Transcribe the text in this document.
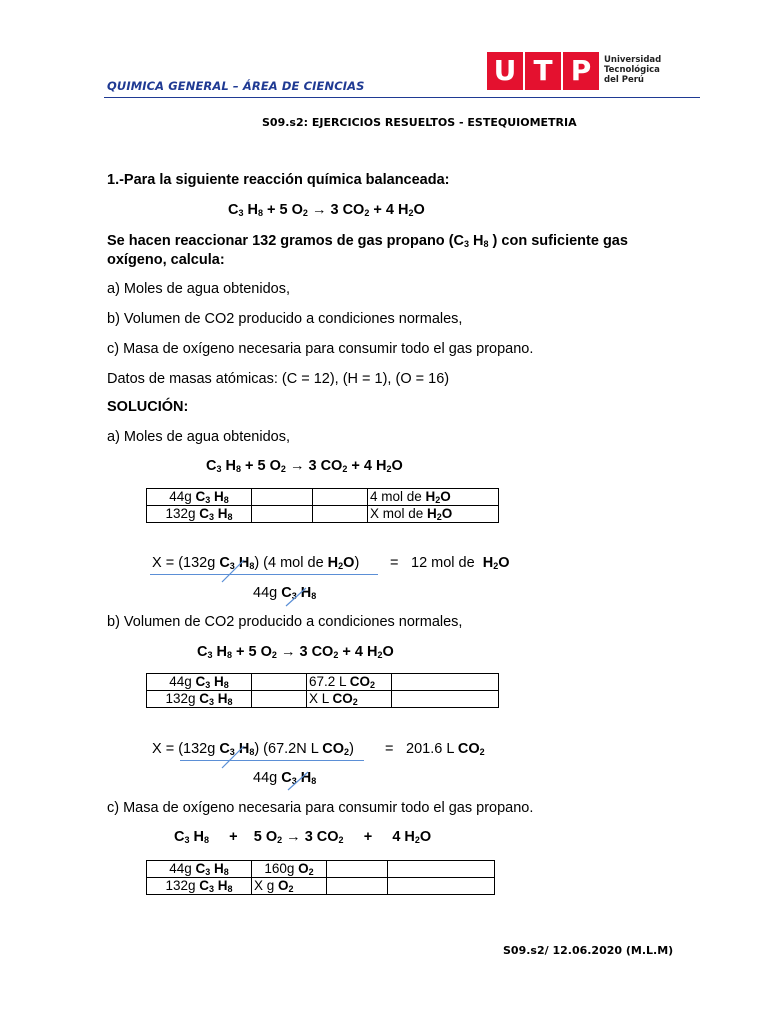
QUIMICA GENERAL – ÁREA DE CIENCIAS	U T P	Universidad Tecnológica del Perú
S09.s2: EJERCICIOS RESUELTOS - ESTEQUIOMETRIA
1.-Para la siguiente reacción química balanceada:
$C_3$ $H_8 + 5$ $O_2 \to 3$ $CO_2 + 4$ $H_2O$
Se hacen reaccionar 132 gramos de gas propano ($C_3$ $H_8$ ) con suficiente gas oxígeno, calcula:
a) Moles de agua obtenidos,
b) Volumen de CO2 producido a condiciones normales,
c) Masa de oxígeno necesaria para consumir todo el gas propano.
Datos de masas atómicas: (C = 12), (H = 1), (O = 16)
SOLUCIÓN:
a) Moles de agua obtenidos,
$C_3$ $H_8 + 5$ $O_2 \to 3$ $CO_2 + 4$ $H_2O$
44g $C_3$ $H_8$			4 mol de $H_2O$
132g $C_3$ $H_8$			X mol de $H_2O$
X = (132g $C_3$ $H_8$) (4 mol de $H_2O) = 12$ mol de  $H_2O$
44g $C_3$ $H_8$
b) Volumen de CO2 producido a condiciones normales,
$C_3$ $H_8 + 5$ $O_2 \to 3$ $CO_2 + 4$ $H_2O$
44g $C_3$ $H_8$		67.2 L $CO_2$	
132g $C_3$ $H_8$		X L $CO_2$	
X = (132g $C_3$ $H_8$) (67.2N L $CO_2) = 201.6$ L $CO_2$
44g $C_3$ $H_8$
c) Masa de oxígeno necesaria para consumir todo el gas propano.
$C_3$ $H_8$     +    5 $O_2 \to 3$ $CO_2$     +     4 $H_2O$
44g $C_3$ $H_8$	160g $O_2$		
132g $C_3$ $H_8$	X g $O_2$		
S09.s2/ 12.06.2020 (M.L.M)
